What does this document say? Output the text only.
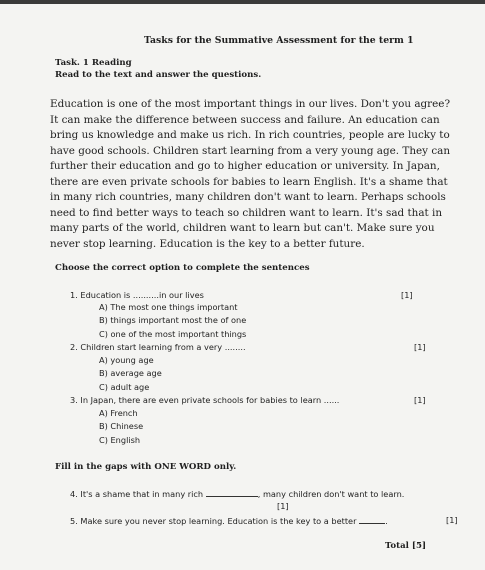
Tasks for the Summative Assessment for the term 1
Task. 1 Reading
Read to the text and answer the questions.
Education is one of the most important things in our lives. Don't you agree?
It can make the difference between success and failure. An education can
bring us knowledge and make us rich. In rich countries, people are lucky to
have good schools. Children start learning from a very young age. They can
further their education and go to higher education or university. In Japan,
there are even private schools for babies to learn English. It's a shame that
in many rich countries, many children don't want to learn. Perhaps schools
need to find better ways to teach so children want to learn. It's sad that in
many parts of the world, children want to learn but can't. Make sure you
never stop learning. Education is the key to a better future.
Choose the correct option to complete the sentences
1. Education is ..........in our lives	[1]
A) The most one things important
B) things important most the of one
C) one of the most important things
2. Children start learning from a very ........	[1]
A) young age
B) average age
C) adult age
3. In Japan, there are even private schools for babies to learn ......	[1]
A) French
B) Chinese
C) English
Fill in the gaps with ONE WORD only.
4. It's a shame that in many rich	, many children don't want to learn.
[1]
5. Make sure you never stop learning. Education is the key to a better	.	[1]
Total [5]
